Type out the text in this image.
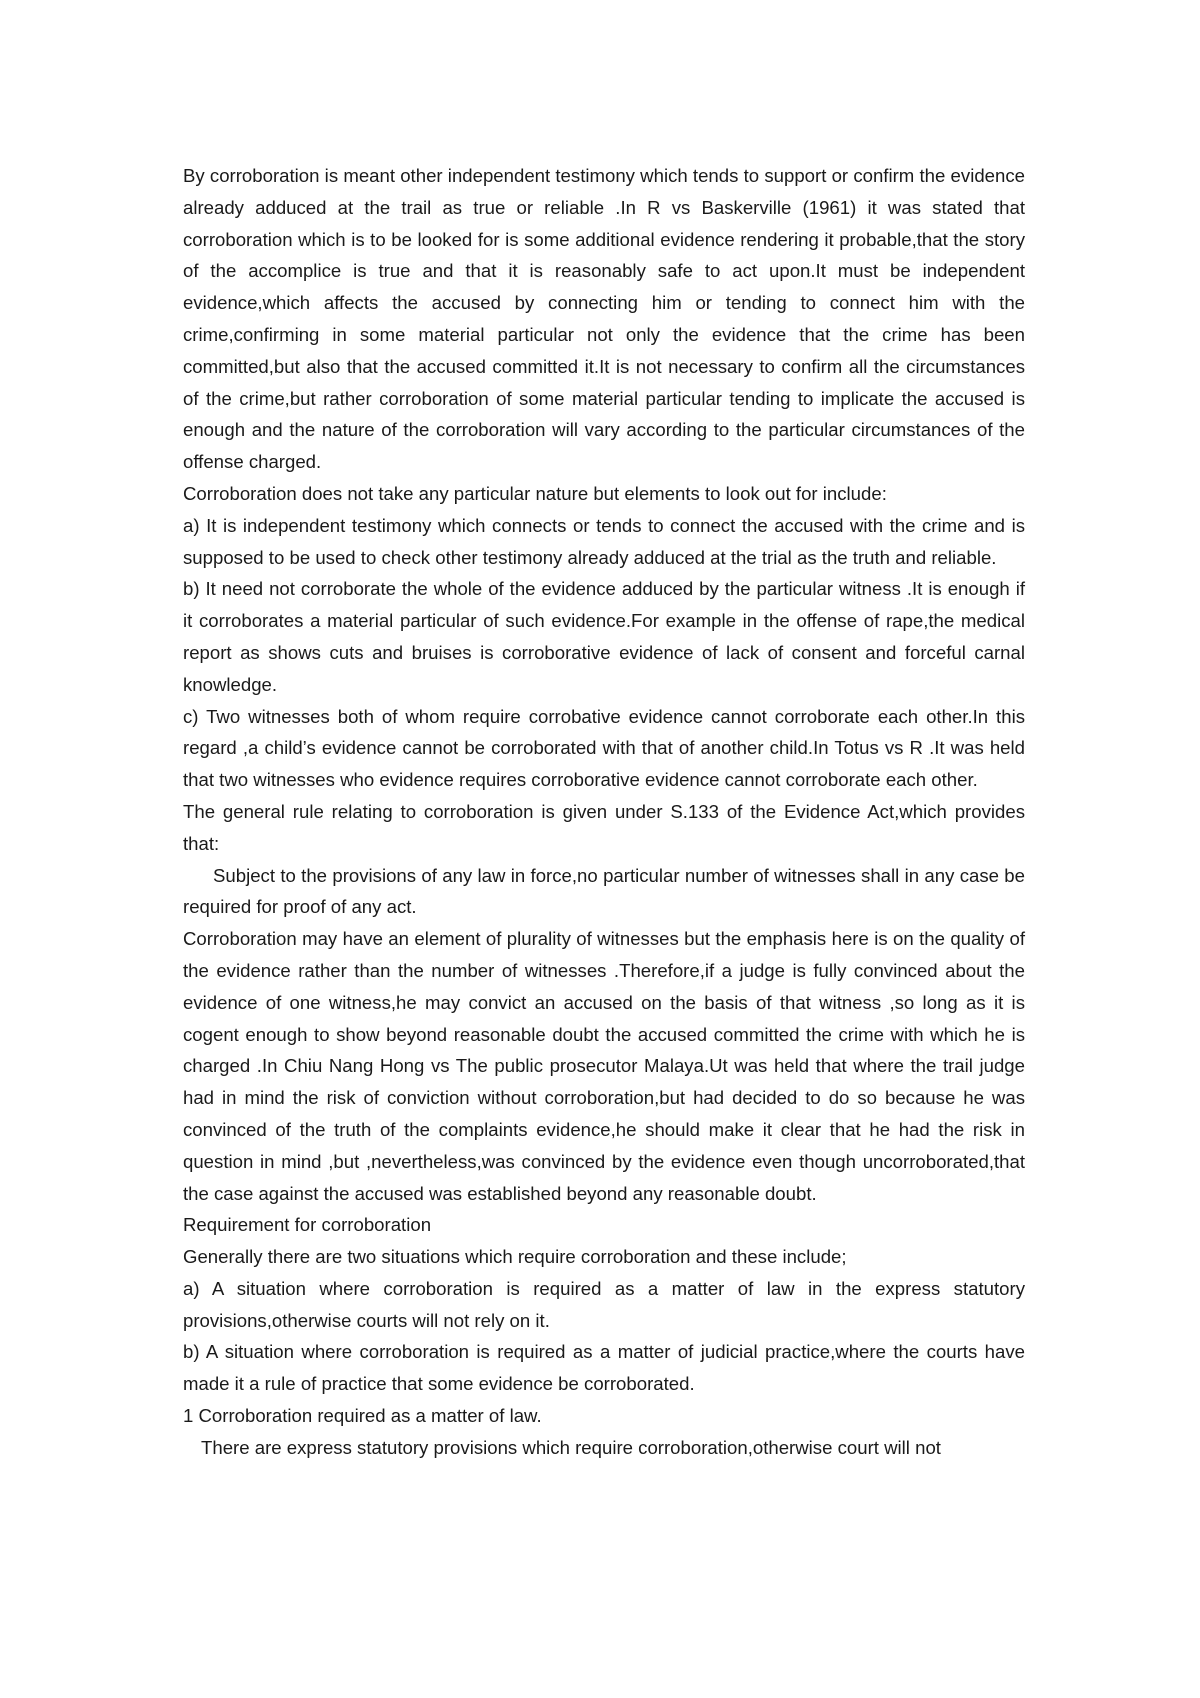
By corroboration is meant other independent testimony which tends to support or confirm the evidence already adduced at the trail as true or reliable .In R vs Baskerville (1961) it was stated that corroboration which is to be looked for is some additional evidence rendering it probable,that the story of the accomplice is true and that it is reasonably safe to act upon.It must be independent evidence,which affects the accused by connecting him or tending to connect him with the crime,confirming in some material particular not only the evidence that the crime has been committed,but also that the accused committed it.It is not necessary to confirm all the circumstances of the crime,but rather corroboration of some material particular tending to implicate the accused is enough and the nature of the corroboration will vary according to the particular circumstances of the offense charged.

Corroboration does not take any particular nature but elements to look out for include:

a) It is independent testimony which connects or tends to connect the accused with the crime and is supposed to be used to check other testimony already adduced at the trial as the truth and reliable.

b) It need not corroborate the whole of the evidence adduced by the particular witness .It is enough if it corroborates a material particular of such evidence.For example in the offense of rape,the medical report as shows cuts and bruises is corroborative evidence of lack of consent and forceful carnal knowledge.

c) Two witnesses both of whom require corrobative evidence cannot corroborate each other.In this regard ,a child’s evidence cannot be corroborated with that of another child.In Totus vs R .It was held that two witnesses who evidence requires corroborative evidence cannot corroborate each other.

The general rule relating to corroboration is given under S.133 of the Evidence Act,which provides that:

Subject to the provisions of any law in force,no particular number of witnesses shall in any case be required for proof of any act.

Corroboration may have an element of plurality of witnesses but the emphasis here is on the quality of the evidence rather than the number of witnesses .Therefore,if a judge is fully convinced about the evidence of one witness,he may convict an accused on the basis of that witness ,so long as it is cogent enough to show beyond reasonable doubt the accused committed the crime with which he is charged .In Chiu Nang Hong vs The public prosecutor Malaya.Ut was held that where the trail judge had in mind the risk of conviction without corroboration,but had decided to do so because he was convinced of the truth of the complaints evidence,he should make it clear that he had the risk in question in mind ,but ,nevertheless,was convinced by the evidence even though uncorroborated,that the case against the accused was established beyond any reasonable doubt.

Requirement for corroboration

Generally there are two situations which require corroboration and these include;

a) A situation where corroboration is required as a matter of law in the express statutory provisions,otherwise courts will not rely on it.

b) A situation where corroboration is required as a matter of judicial practice,where the courts have made it a rule of practice that some evidence be corroborated.

1 Corroboration required as a matter of law.

There are express statutory provisions which require corroboration,otherwise court will not
